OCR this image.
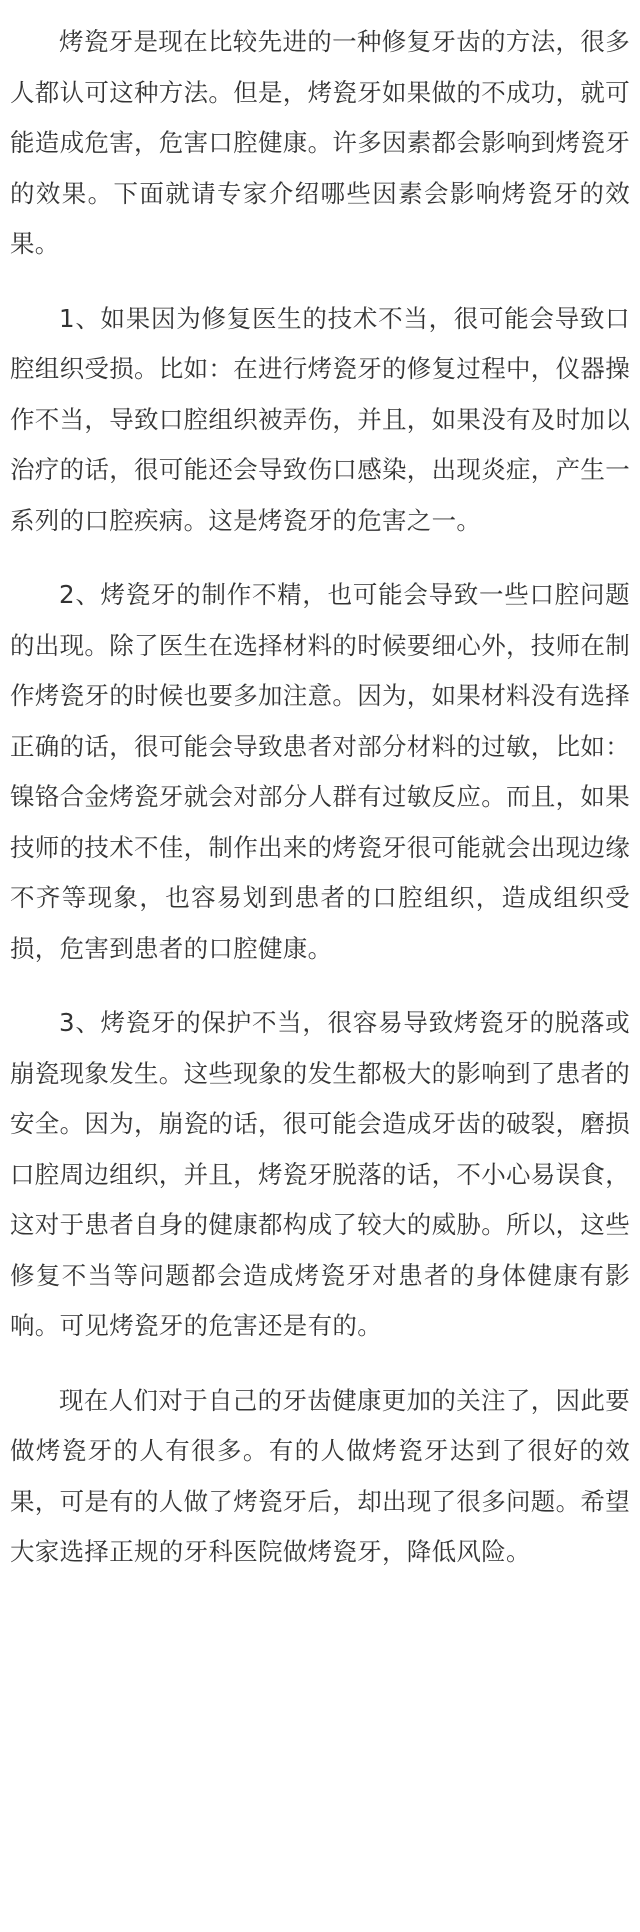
烤瓷牙是现在比较先进的一种修复牙齿的方法，很多人都认可这种方法。但是，烤瓷牙如果做的不成功，就可能造成危害，危害口腔健康。许多因素都会影响到烤瓷牙的效果。下面就请专家介绍哪些因素会影响烤瓷牙的效果。

1、如果因为修复医生的技术不当，很可能会导致口腔组织受损。比如：在进行烤瓷牙的修复过程中，仪器操作不当，导致口腔组织被弄伤，并且，如果没有及时加以治疗的话，很可能还会导致伤口感染，出现炎症，产生一系列的口腔疾病。这是烤瓷牙的危害之一。

2、烤瓷牙的制作不精，也可能会导致一些口腔问题的出现。除了医生在选择材料的时候要细心外，技师在制作烤瓷牙的时候也要多加注意。因为，如果材料没有选择正确的话，很可能会导致患者对部分材料的过敏，比如：镍铬合金烤瓷牙就会对部分人群有过敏反应。而且，如果技师的技术不佳，制作出来的烤瓷牙很可能就会出现边缘不齐等现象，也容易划到患者的口腔组织，造成组织受损，危害到患者的口腔健康。

3、烤瓷牙的保护不当，很容易导致烤瓷牙的脱落或崩瓷现象发生。这些现象的发生都极大的影响到了患者的安全。因为，崩瓷的话，很可能会造成牙齿的破裂，磨损口腔周边组织，并且，烤瓷牙脱落的话，不小心易误食，这对于患者自身的健康都构成了较大的威胁。所以，这些修复不当等问题都会造成烤瓷牙对患者的身体健康有影响。可见烤瓷牙的危害还是有的。

现在人们对于自己的牙齿健康更加的关注了，因此要做烤瓷牙的人有很多。有的人做烤瓷牙达到了很好的效果，可是有的人做了烤瓷牙后，却出现了很多问题。希望大家选择正规的牙科医院做烤瓷牙，降低风险。
